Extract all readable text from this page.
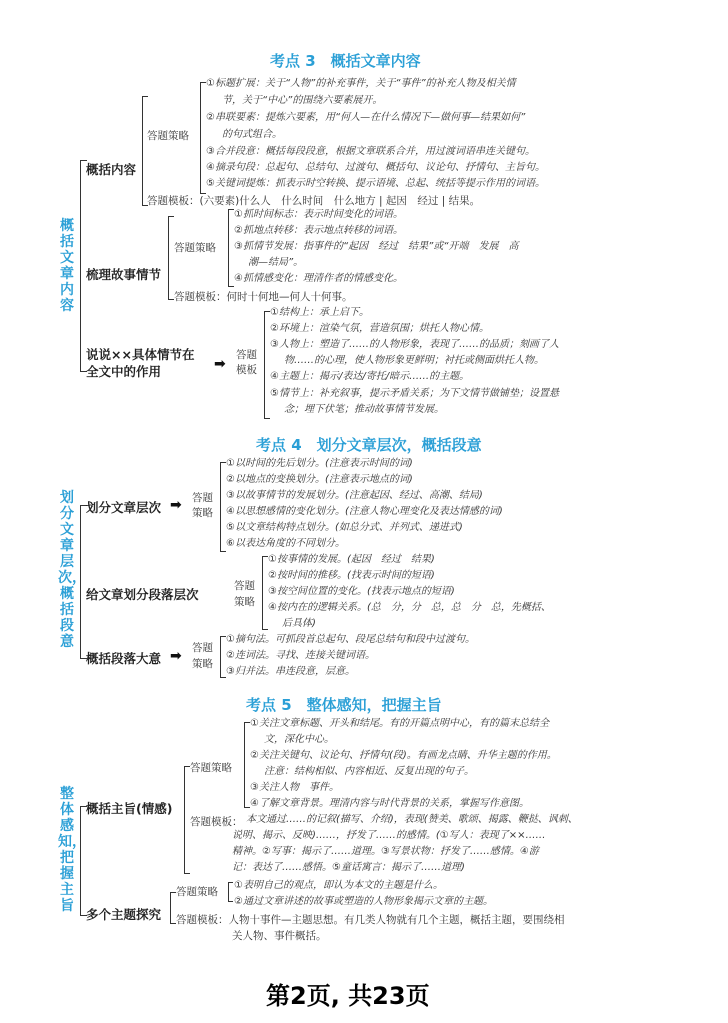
考点 3　概括文章内容
概括文章内容
概括内容
答题策略
①标题扩展：关于“人物”的补充事件，关于“事件”的补充人物及相关情
节，关于“中心”的围绕六要素展开。
②串联要素：提炼六要素，用“何人—在什么情况下—做何事—结果如何”
的句式组合。
③合并段意：概括每段段意，根据文章联系合并，用过渡词语串连关键句。
④摘录句段：总起句、总结句、过渡句、概括句、议论句、抒情句、主旨句。
⑤关键词提炼：抓表示时空转换、提示语境、总起、统括等提示作用的词语。
答题模板：(六要素)什么人　什么时间　什么地方 | 起因　经过 | 结果。
梳理故事情节
答题策略
①抓时间标志：表示时间变化的词语。
②抓地点转移：表示地点转移的词语。
③抓情节发展：指事件的“起因　经过　结果”或“开端　发展　高
潮—结局”。
④抓情感变化：理清作者的情感变化。
答题模板：何时十何地—何人十何事。
说说××具体情节在
全文中的作用	➡
答题
模板
①结构上：承上启下。
②环境上：渲染气氛，营造氛围；烘托人物心情。
③人物上：塑造了……的人物形象，表现了……的品质；刻画了人
物……的心理，使人物形象更鲜明；衬托或侧面烘托人物。
④主题上：揭示/表达/寄托/暗示……的主题。
⑤情节上：补充叙事，提示矛盾关系；为下文情节做铺垫；设置悬
念；埋下伏笔；推动故事情节发展。
考点 4　划分文章层次，概括段意
划分文章层次，概括段意
划分文章层次 ➡ 答题
策略
①以时间的先后划分。(注意表示时间的词)
②以地点的变换划分。(注意表示地点的词)
③以故事情节的发展划分。(注意起因、经过、高潮、结局)
④以思想感情的变化划分。(注意人物心理变化及表达情感的词)
⑤以文章结构特点划分。(如总分式、并列式、递进式)
⑥以表达角度的不同划分。
给文章划分段落层次
答题
策略
①按事情的发展。(起因　经过　结果)
②按时间的推移。(找表示时间的短语)
③按空间位置的变化。(找表示地点的短语)
④按内在的逻辑关系。(总　分，分　总，总　分　总，先概括、
后具体)
概括段落大意 ➡ 答题
策略
①摘句法。可抓段首总起句、段尾总结句和段中过渡句。
②连词法。寻找、连接关键词语。
③归并法。串连段意，层意。
考点 5　整体感知，把握主旨
整体感知，把握主旨
概括主旨(情感)
答题策略
①关注文章标题、开头和结尾。有的开篇点明中心，有的篇末总结全
文，深化中心。
②关注关键句、议论句、抒情句(段)。有画龙点睛、升华主题的作用。
注意：结构相似、内容相近、反复出现的句子。
③关注人物　事件。
④了解文章背景。理清内容与时代背景的关系，掌握写作意图。
答题模板： 本文通过……的记叙(描写、介绍)，表现(赞美、歌颂、揭露、鞭挞、讽刺、
说明、揭示、反映)……，抒发了……的感情。(①写人：表现了××……
精神。②写事：揭示了……道理。③写景状物：抒发了……感情。④游
记：表达了……感悟。⑤童话寓言：揭示了……道理)
多个主题探究
答题策略
①表明自己的观点，即认为本文的主题是什么。
②通过文章讲述的故事或塑造的人物形象揭示文章的主题。
答题模板：人物十事件—主题思想。有几类人物就有几个主题，概括主题，要围绕相
关人物、事件概括。
第2页, 共23页
